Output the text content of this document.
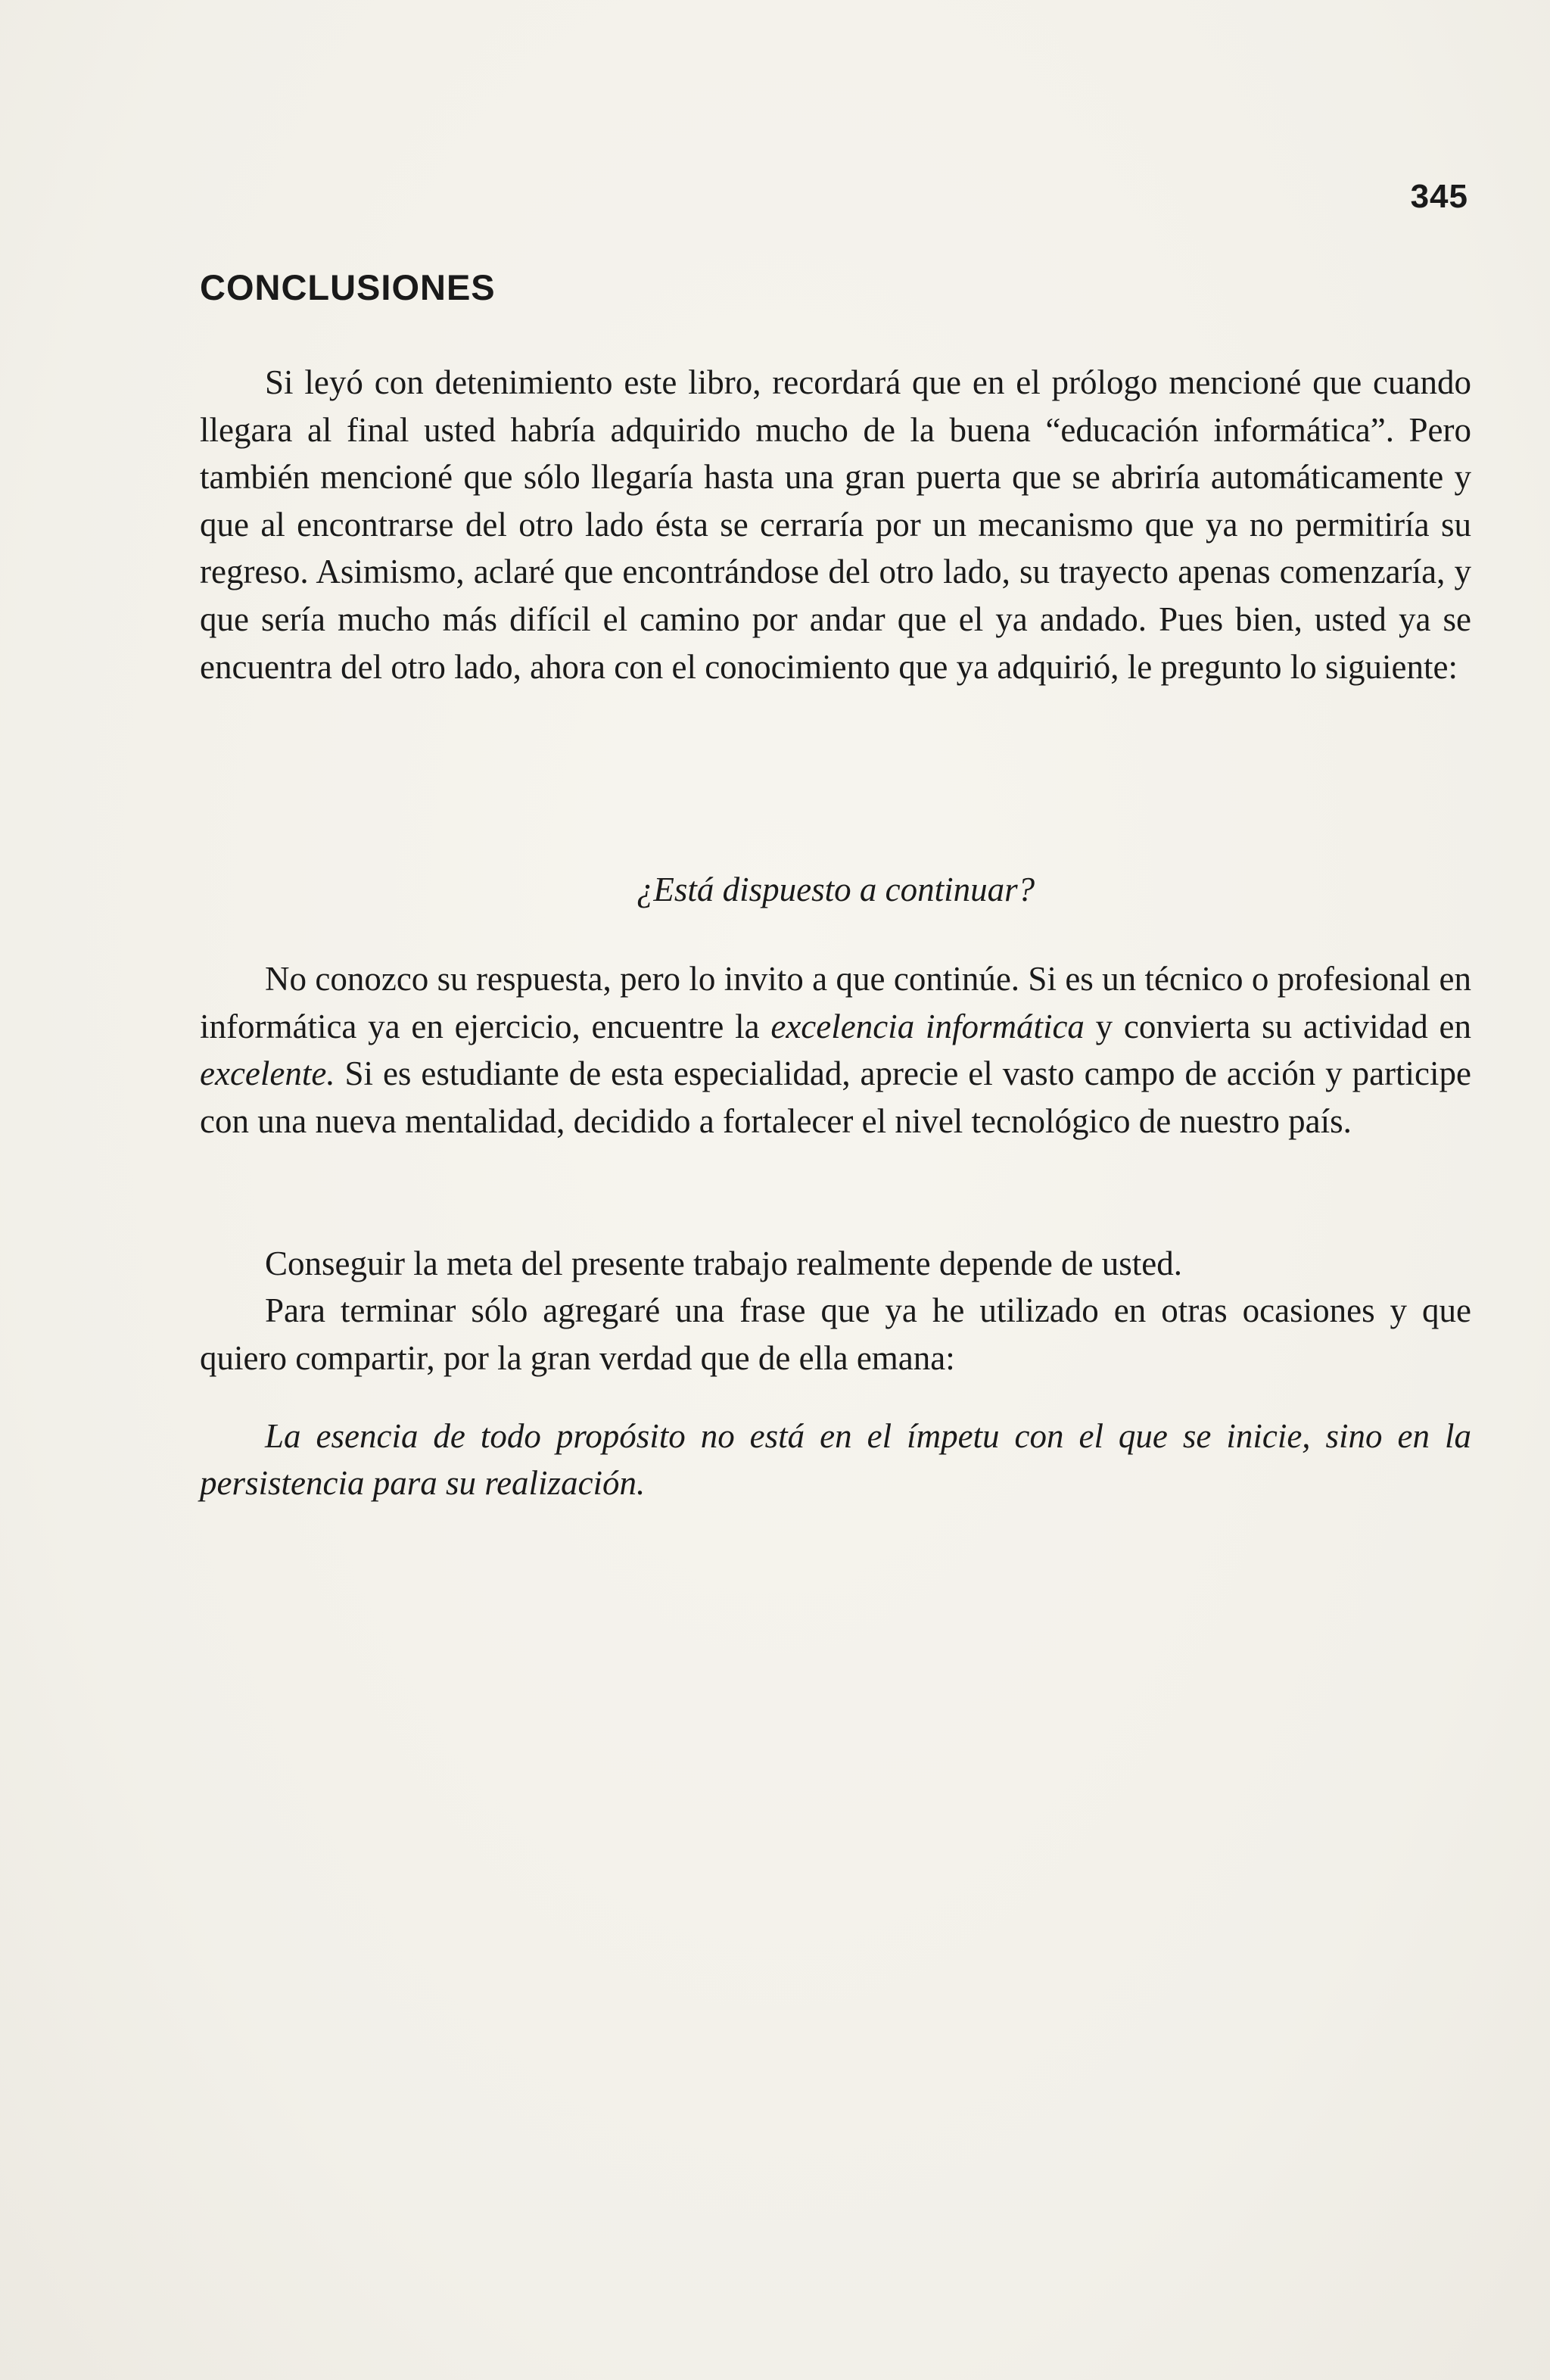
345
CONCLUSIONES

Si leyó con detenimiento este libro, recordará que en el prólogo mencioné que cuando llegara al final usted habría adquirido mucho de la buena “educación informática”. Pero también mencioné que sólo llegaría hasta una gran puerta que se abriría automáticamente y que al encontrarse del otro lado ésta se cerraría por un mecanismo que ya no permitiría su regreso. Asimismo, aclaré que encontrándose del otro lado, su trayecto apenas comenzaría, y que sería mucho más difícil el camino por andar que el ya andado. Pues bien, usted ya se encuentra del otro lado, ahora con el conocimiento que ya adquirió, le pregunto lo siguiente:

¿Está dispuesto a continuar?

No conozco su respuesta, pero lo invito a que continúe. Si es un técnico o profesional en informática ya en ejercicio, encuentre la excelencia informática y convierta su actividad en excelente. Si es estudiante de esta especialidad, aprecie el vasto campo de acción y participe con una nueva mentalidad, decidido a fortalecer el nivel tecnológico de nuestro país.

Conseguir la meta del presente trabajo realmente depende de usted.

Para terminar sólo agregaré una frase que ya he utilizado en otras ocasiones y que quiero compartir, por la gran verdad que de ella emana:

La esencia de todo propósito no está en el ímpetu con el que se inicie, sino en la persistencia para su realización.
